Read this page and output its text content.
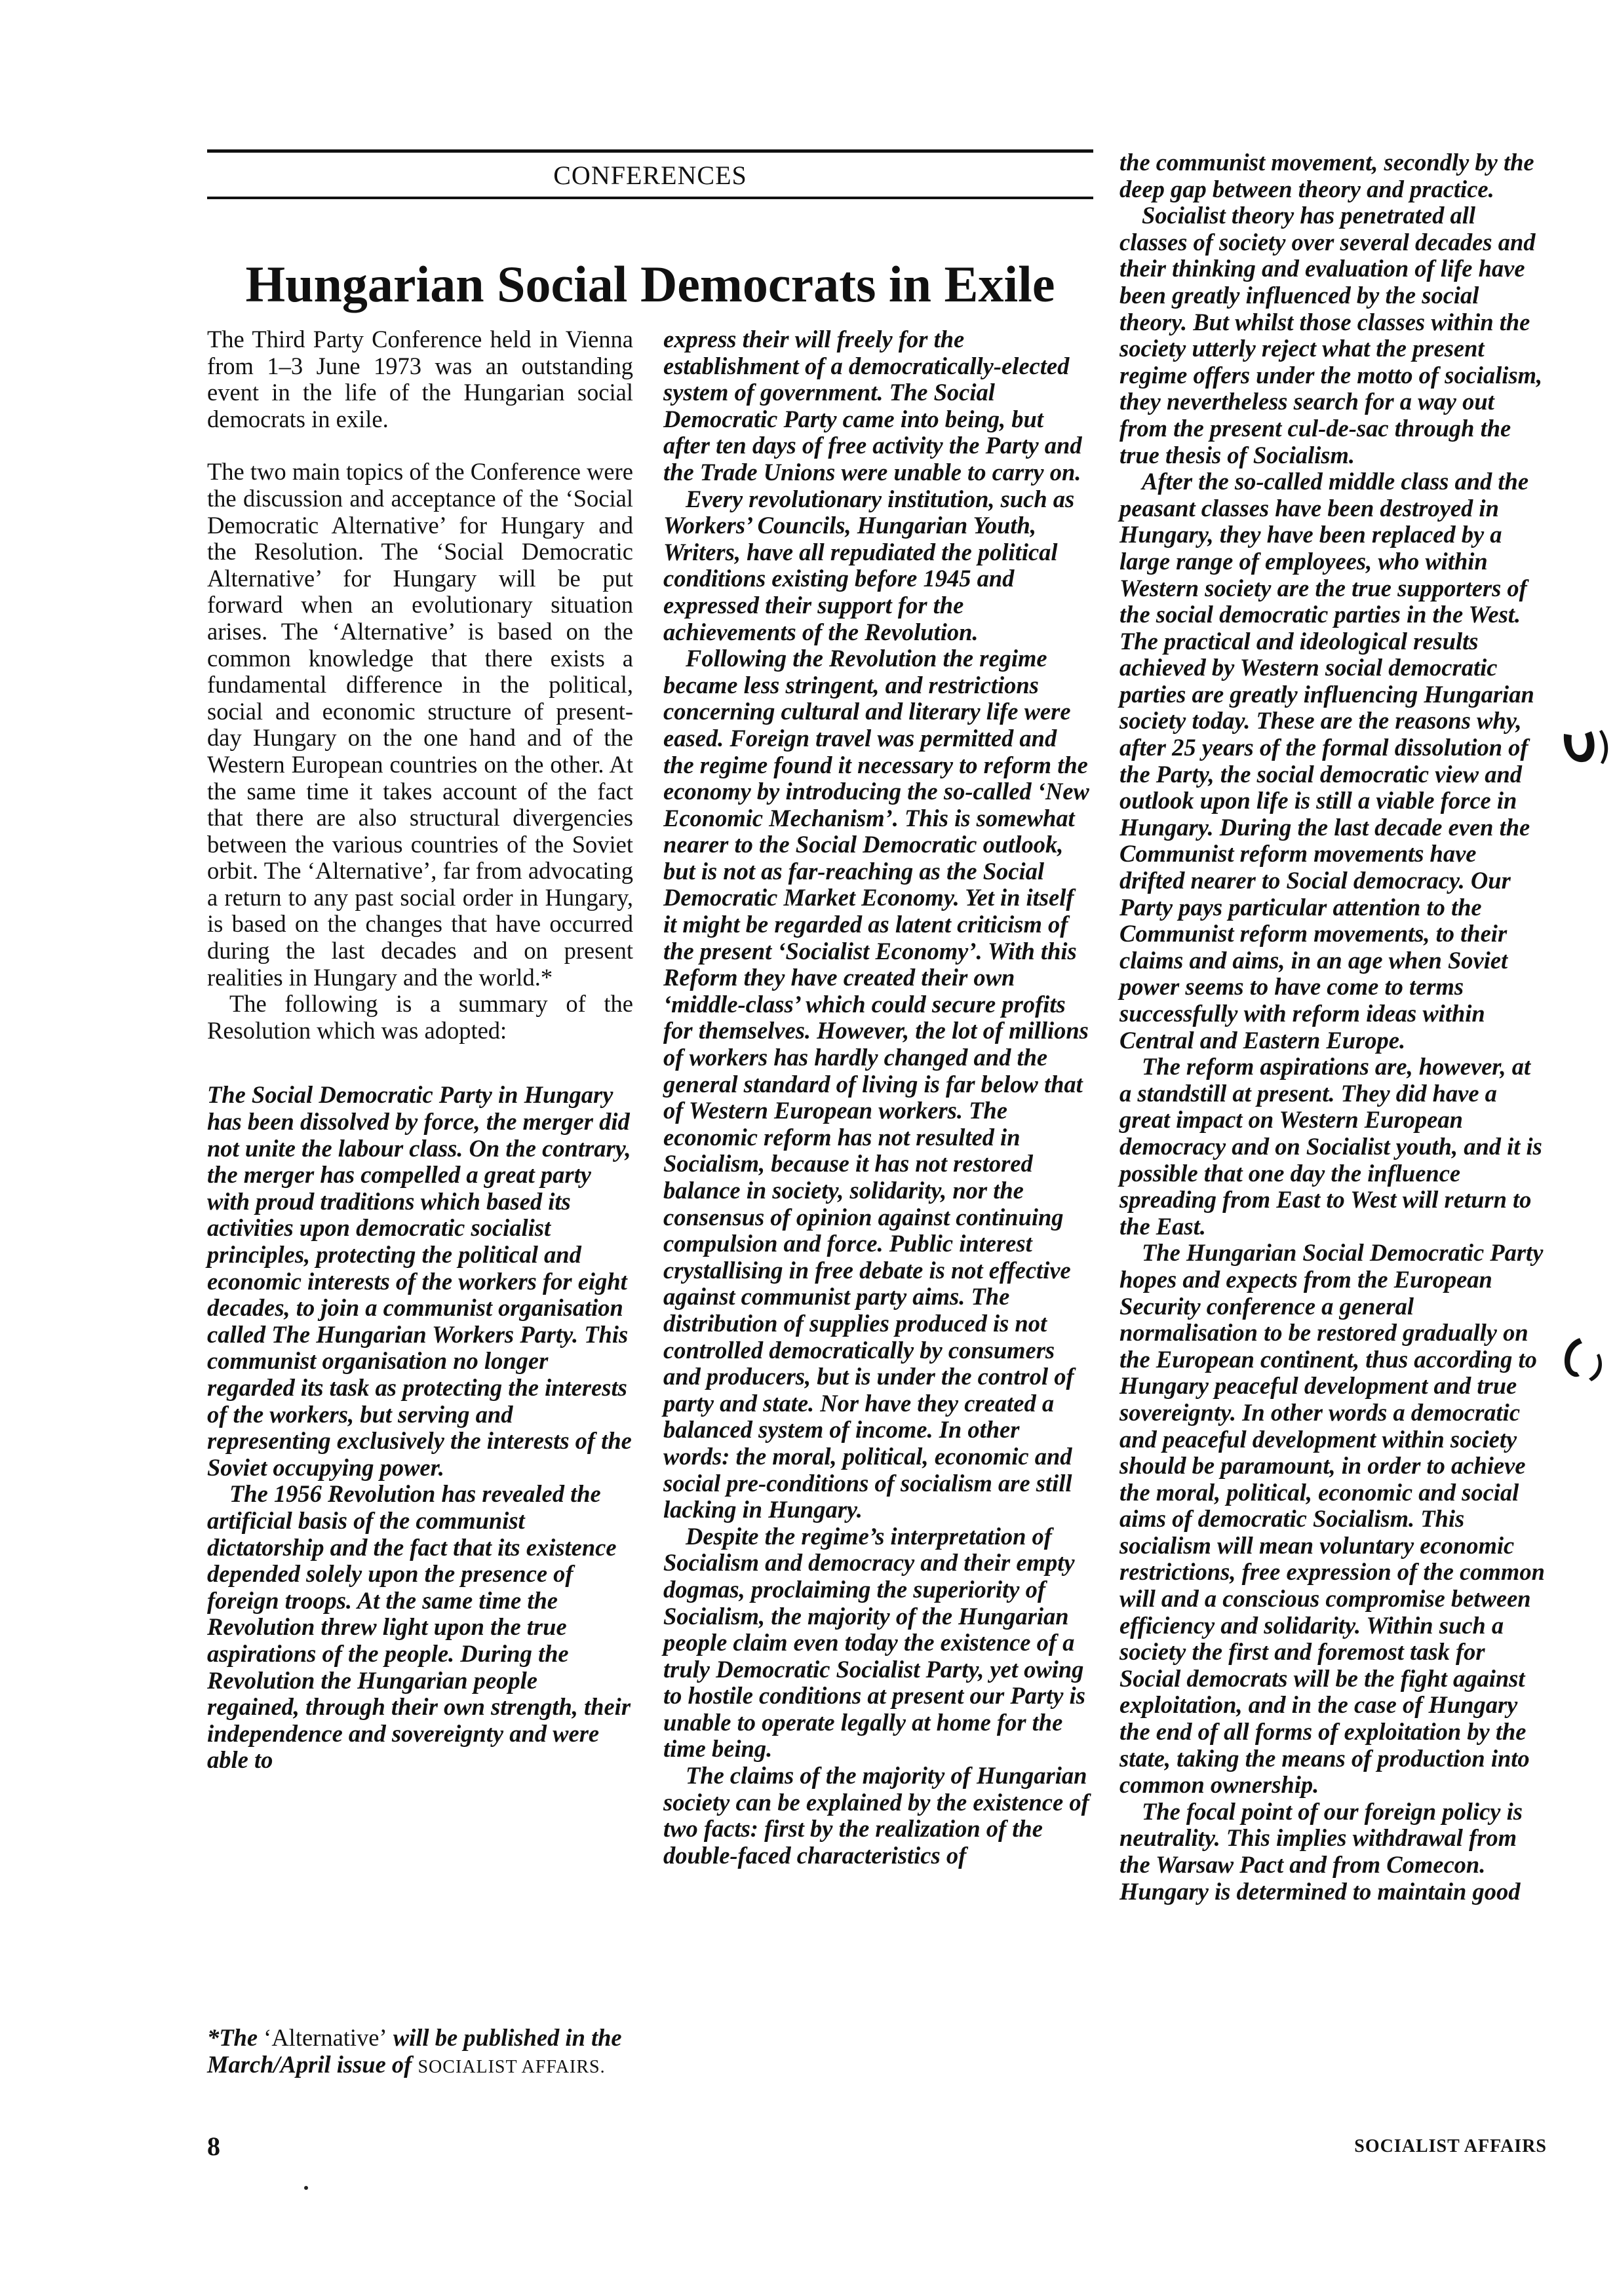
CONFERENCES
Hungarian Social Democrats in Exile

The Third Party Conference held in Vienna from 1–3 June 1973 was an outstanding event in the life of the Hungarian social democrats in exile.

The two main topics of the Conference were the discussion and acceptance of the ‘Social Democratic Alternative’ for Hungary and the Resolution. The ‘Social Democratic Alternative’ for Hungary will be put forward when an evolutionary situation arises. The ‘Alternative’ is based on the common knowledge that there exists a fundamental difference in the political, social and economic structure of present-day Hungary on the one hand and of the Western European countries on the other. At the same time it takes account of the fact that there are also structural divergencies between the various countries of the Soviet orbit. The ‘Alternative’, far from advocating a return to any past social order in Hungary, is based on the changes that have occurred during the last decades and on present realities in Hungary and the world.*

The following is a summary of the Resolution which was adopted:

The Social Democratic Party in Hungary has been dissolved by force, the merger did not unite the labour class. On the contrary, the merger has compelled a great party with proud traditions which based its activities upon democratic socialist principles, protecting the political and economic interests of the workers for eight decades, to join a communist organisation called The Hungarian Workers Party. This communist organisation no longer regarded its task as protecting the interests of the workers, but serving and representing exclusively the interests of the Soviet occupying power.

The 1956 Revolution has revealed the artificial basis of the communist dictatorship and the fact that its existence depended solely upon the presence of foreign troops. At the same time the Revolution threw light upon the true aspirations of the people. During the Revolution the Hungarian people regained, through their own strength, their independence and sovereignty and were able to

*The ‘Alternative’ will be published in the March/April issue of SOCIALIST AFFAIRS.

express their will freely for the establishment of a democratically-elected system of government. The Social Democratic Party came into being, but after ten days of free activity the Party and the Trade Unions were unable to carry on.

Every revolutionary institution, such as Workers’ Councils, Hungarian Youth, Writers, have all repudiated the political conditions existing before 1945 and expressed their support for the achievements of the Revolution.

Following the Revolution the regime became less stringent, and restrictions concerning cultural and literary life were eased. Foreign travel was permitted and the regime found it necessary to reform the economy by introducing the so-called ‘New Economic Mechanism’. This is somewhat nearer to the Social Democratic outlook, but is not as far-reaching as the Social Democratic Market Economy. Yet in itself it might be regarded as latent criticism of the present ‘Socialist Economy’. With this Reform they have created their own ‘middle-class’ which could secure profits for themselves. However, the lot of millions of workers has hardly changed and the general standard of living is far below that of Western European workers. The economic reform has not resulted in Socialism, because it has not restored balance in society, solidarity, nor the consensus of opinion against continuing compulsion and force. Public interest crystallising in free debate is not effective against communist party aims. The distribution of supplies produced is not controlled democratically by consumers and producers, but is under the control of party and state. Nor have they created a balanced system of income. In other words: the moral, political, economic and social pre-conditions of socialism are still lacking in Hungary.

Despite the regime’s interpretation of Socialism and democracy and their empty dogmas, proclaiming the superiority of Socialism, the majority of the Hungarian people claim even today the existence of a truly Democratic Socialist Party, yet owing to hostile conditions at present our Party is unable to operate legally at home for the time being.

The claims of the majority of Hungarian society can be explained by the existence of two facts: first by the realization of the double-faced characteristics of

the communist movement, secondly by the deep gap between theory and practice.

Socialist theory has penetrated all classes of society over several decades and their thinking and evaluation of life have been greatly influenced by the social theory. But whilst those classes within the society utterly reject what the present regime offers under the motto of socialism, they nevertheless search for a way out from the present cul-de-sac through the true thesis of Socialism.

After the so-called middle class and the peasant classes have been destroyed in Hungary, they have been replaced by a large range of employees, who within Western society are the true supporters of the social democratic parties in the West. The practical and ideological results achieved by Western social democratic parties are greatly influencing Hungarian society today. These are the reasons why, after 25 years of the formal dissolution of the Party, the social democratic view and outlook upon life is still a viable force in Hungary. During the last decade even the Communist reform movements have drifted nearer to Social democracy. Our Party pays particular attention to the Communist reform movements, to their claims and aims, in an age when Soviet power seems to have come to terms successfully with reform ideas within Central and Eastern Europe.

The reform aspirations are, however, at a standstill at present. They did have a great impact on Western European democracy and on Socialist youth, and it is possible that one day the influence spreading from East to West will return to the East.

The Hungarian Social Democratic Party hopes and expects from the European Security conference a general normalisation to be restored gradually on the European continent, thus according to Hungary peaceful development and true sovereignty. In other words a democratic and peaceful development within society should be paramount, in order to achieve the moral, political, economic and social aims of democratic Socialism. This socialism will mean voluntary economic restrictions, free expression of the common will and a conscious compromise between efficiency and solidarity. Within such a society the first and foremost task for Social democrats will be the fight against exploitation, and in the case of Hungary the end of all forms of exploitation by the state, taking the means of production into common ownership.

The focal point of our foreign policy is neutrality. This implies withdrawal from the Warsaw Pact and from Comecon. Hungary is determined to maintain good

8	SOCIALIST AFFAIRS
